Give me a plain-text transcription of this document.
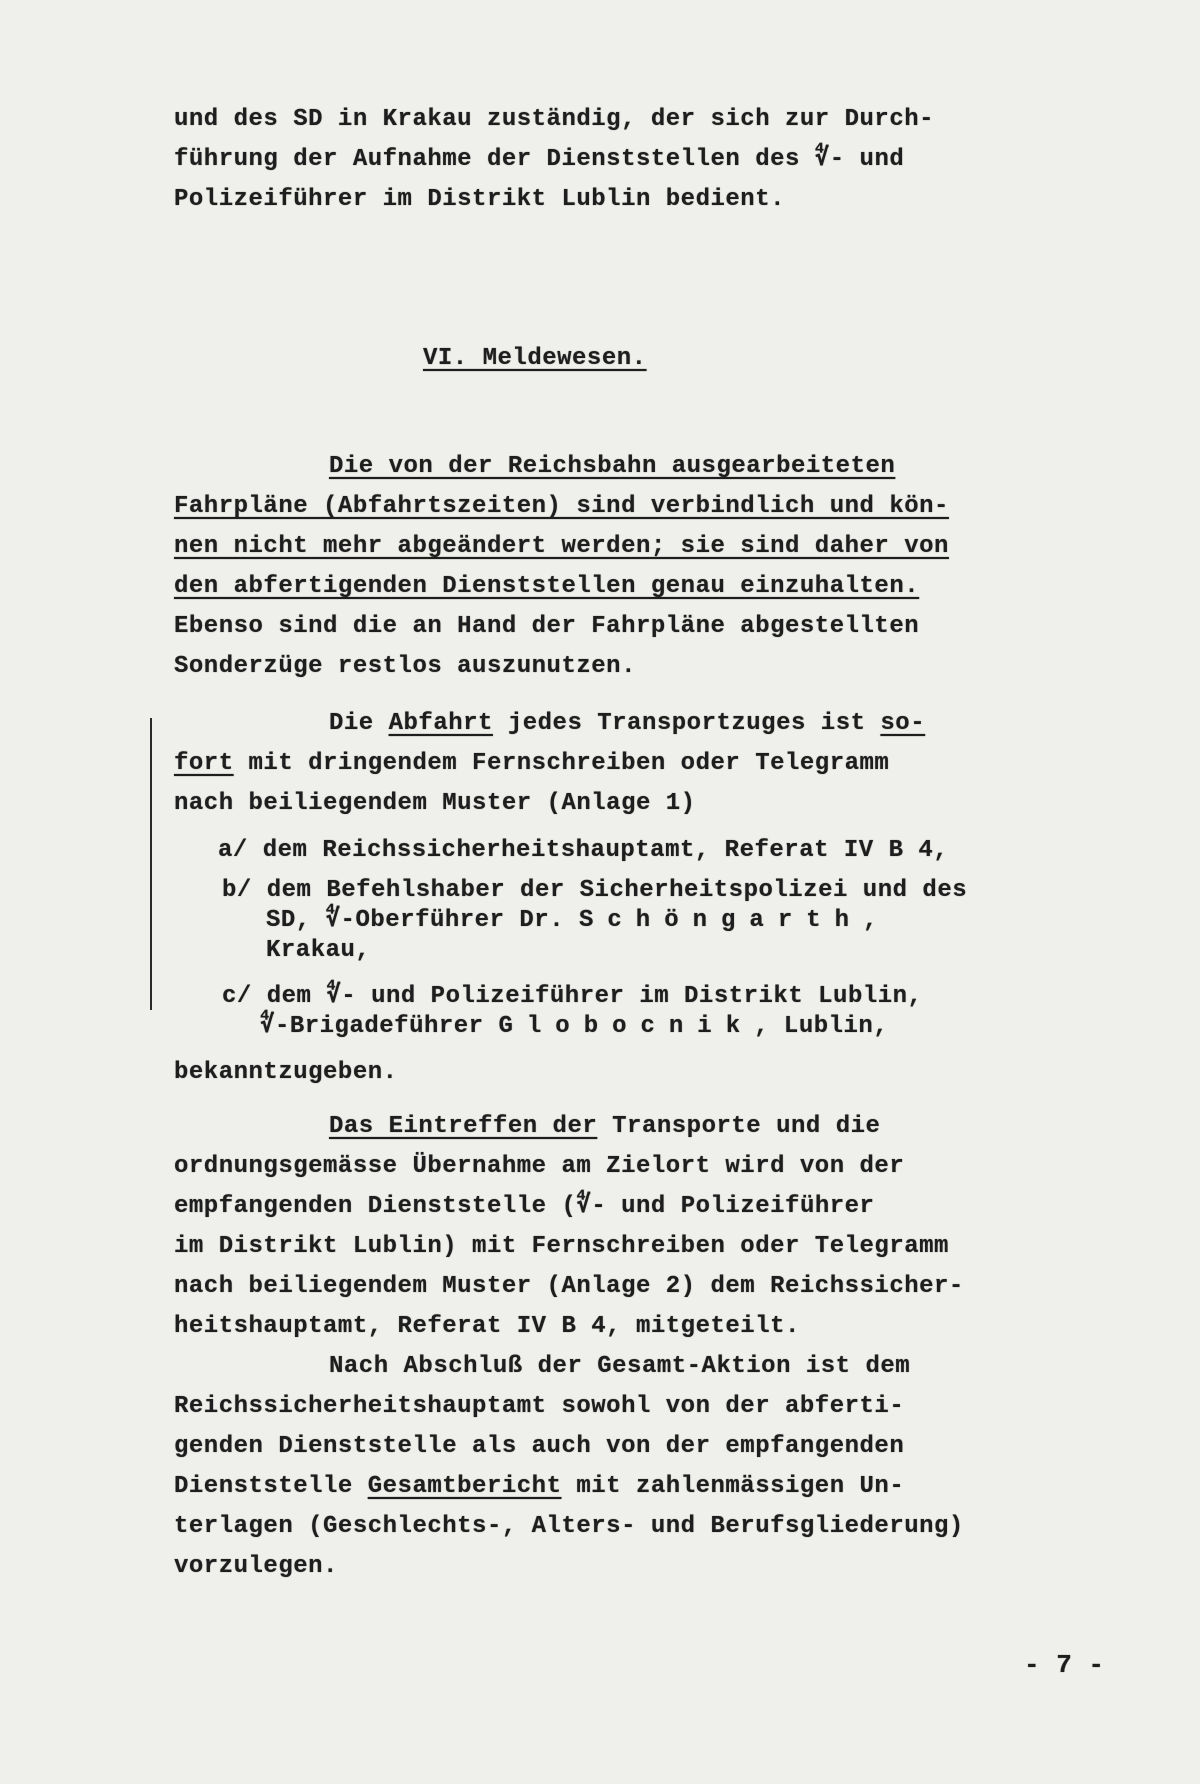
und des SD in Krakau zuständig, der sich zur Durch-

führung der Aufnahme der Dienststellen des ∜- und

Polizeiführer im Distrikt Lublin bedient.

VI. Meldewesen.

Die von der Reichsbahn ausgearbeiteten

Fahrpläne (Abfahrtszeiten) sind verbindlich und kön-

nen nicht mehr abgeändert werden; sie sind daher von

den abfertigenden Dienststellen genau einzuhalten.

Ebenso sind die an Hand der Fahrpläne abgestellten

Sonderzüge restlos auszunutzen.

Die Abfahrt jedes Transportzuges ist so-

fort mit dringendem Fernschreiben oder Telegramm

nach beiliegendem Muster (Anlage 1)

a/ dem Reichssicherheitshauptamt, Referat IV B 4,

b/ dem Befehlshaber der Sicherheitspolizei und des

SD, ∜-Oberführer Dr. Schöngarth,

Krakau,

c/ dem ∜- und Polizeiführer im Distrikt Lublin,

∜-Brigadeführer Globocnik, Lublin,

bekanntzugeben.

Das Eintreffen der Transporte und die

ordnungsgemässe Übernahme am Zielort wird von der

empfangenden Dienststelle (∜- und Polizeiführer

im Distrikt Lublin) mit Fernschreiben oder Telegramm

nach beiliegendem Muster (Anlage 2) dem Reichssicher-

heitshauptamt, Referat IV B 4, mitgeteilt.

Nach Abschluß der Gesamt-Aktion ist dem

Reichssicherheitshauptamt sowohl von der abferti-

genden Dienststelle als auch von der empfangenden

Dienststelle Gesamtbericht mit zahlenmässigen Un-

terlagen (Geschlechts-, Alters- und Berufsgliederung)

vorzulegen.

- 7 -
